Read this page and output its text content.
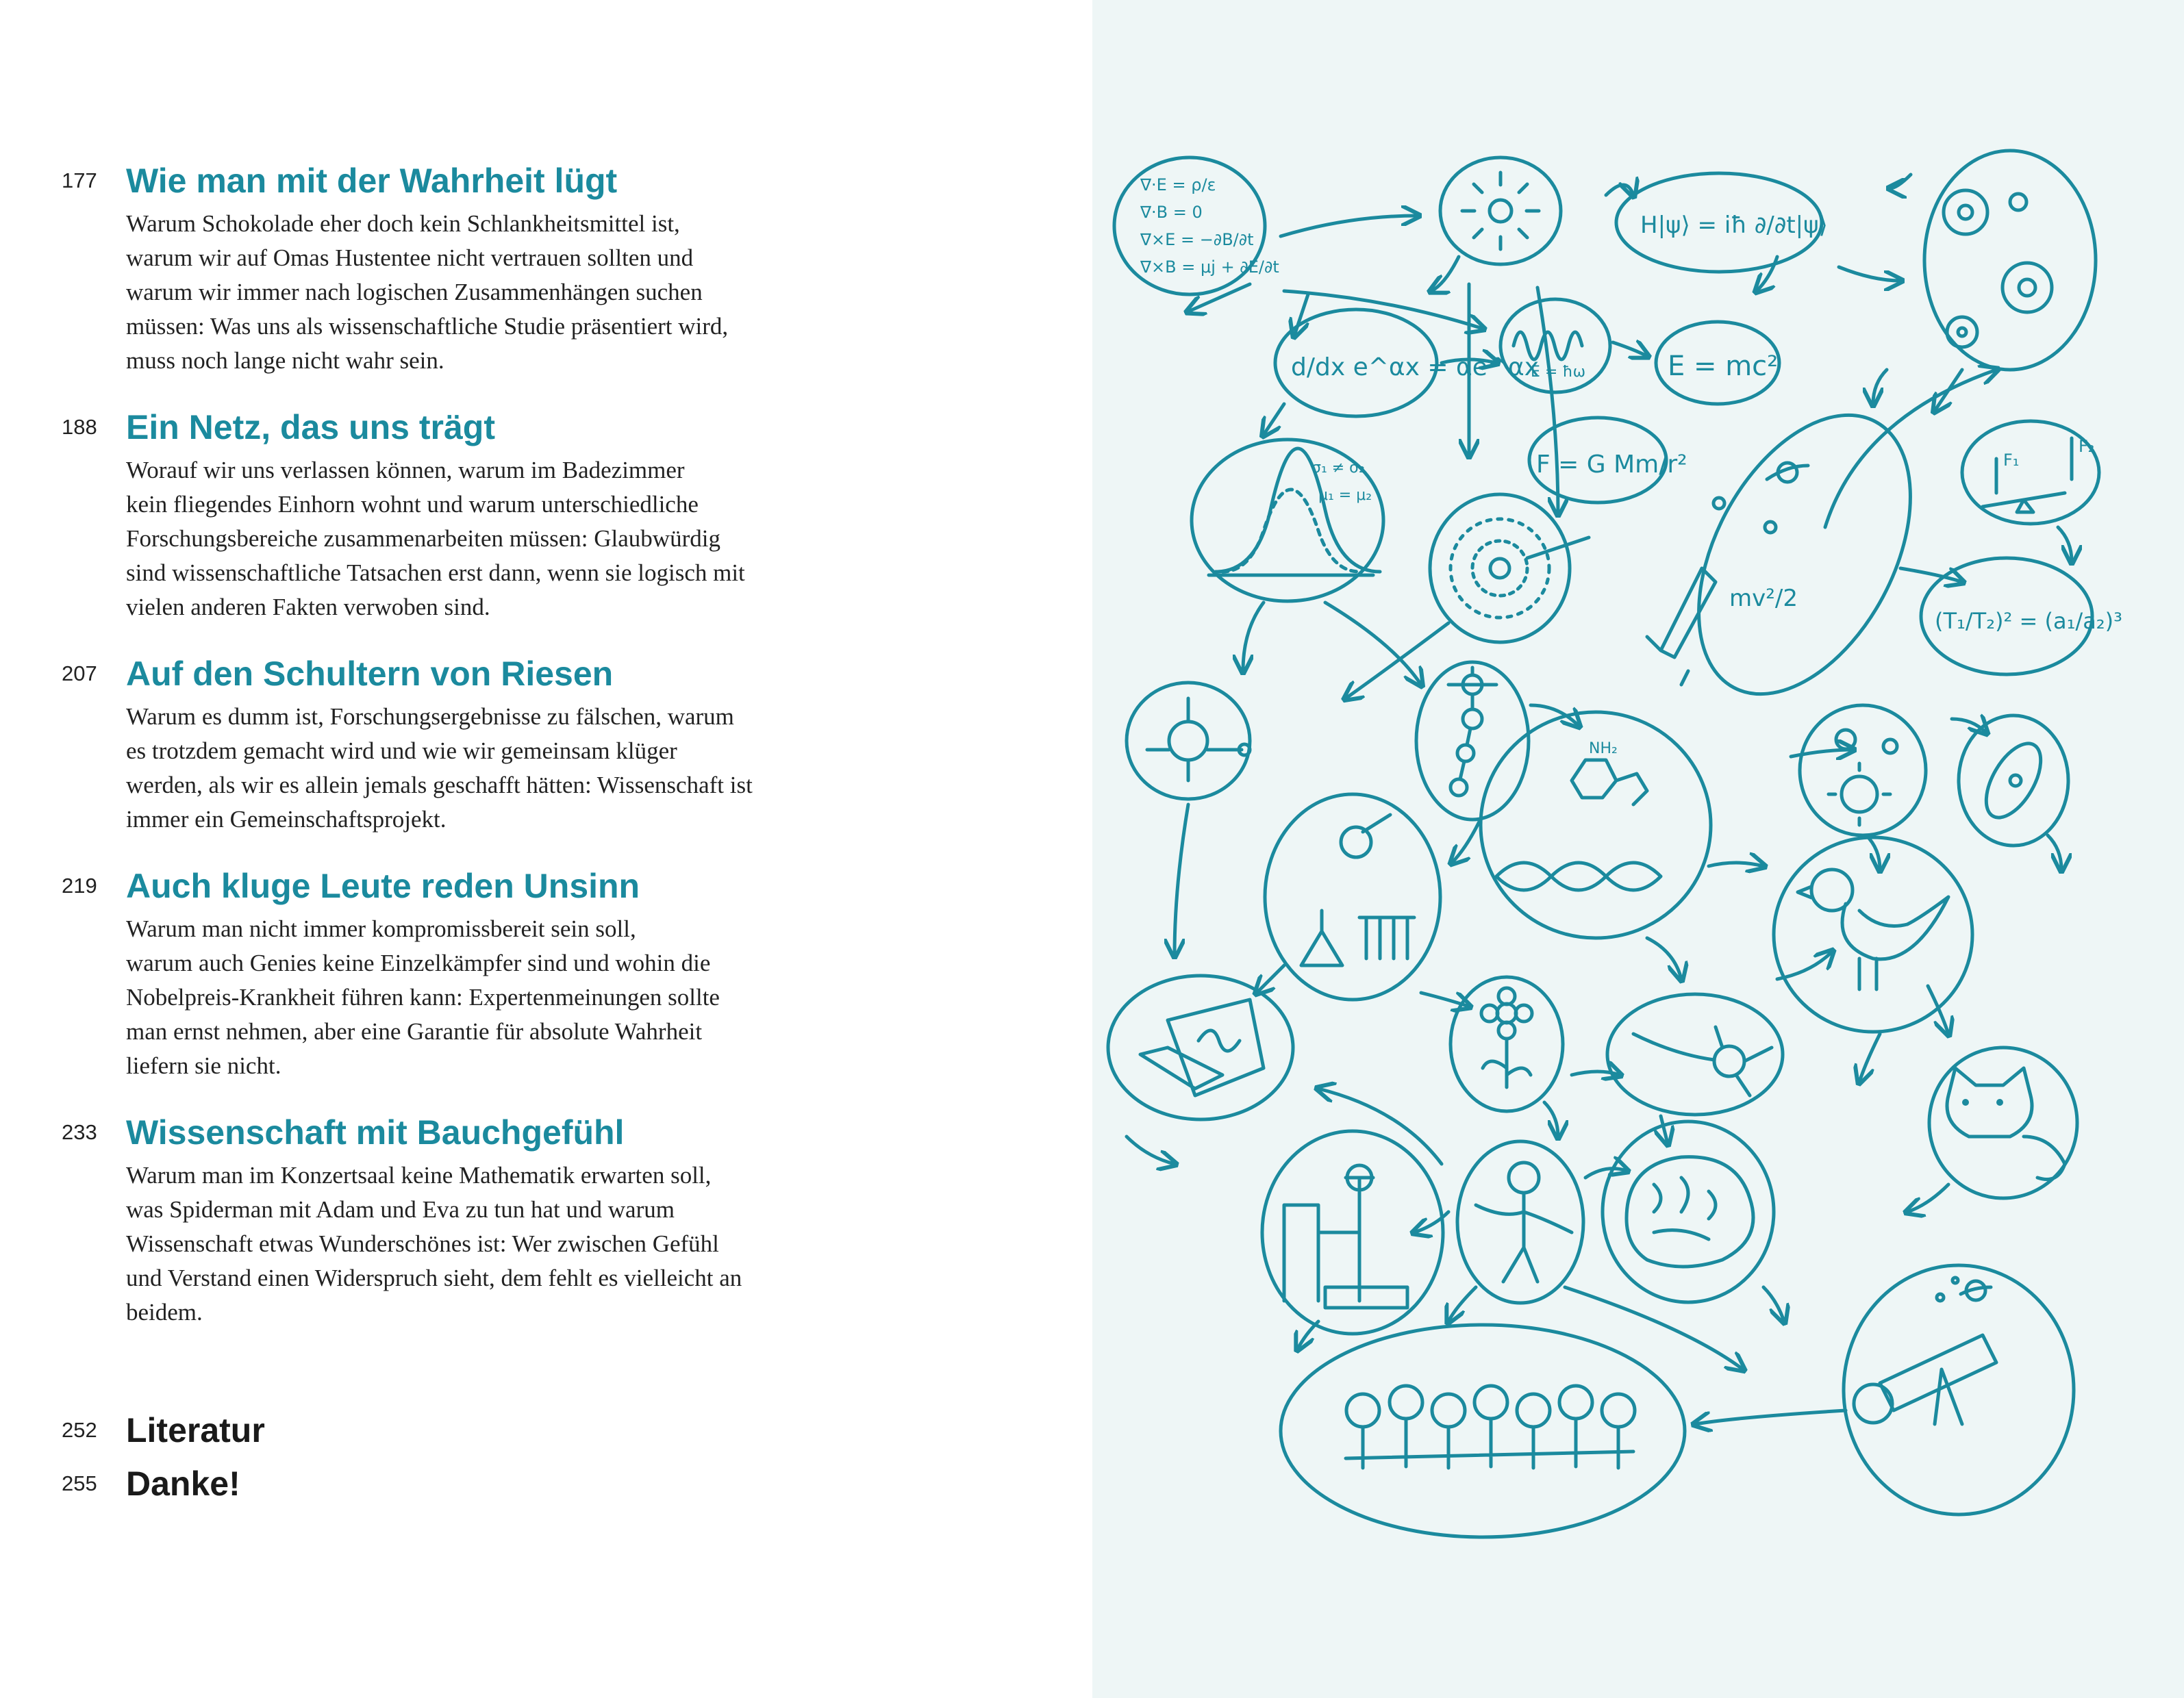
177 Wie man mit der Wahrheit lügt

Warum Schokolade eher doch kein Schlankheitsmittel ist,
warum wir auf Omas Hustentee nicht vertrauen sollten und
warum wir immer nach logischen Zusammenhängen suchen
müssen: Was uns als wissenschaftliche Studie präsentiert wird,
muss noch lange nicht wahr sein.

188 Ein Netz, das uns trägt

Worauf wir uns verlassen können, warum im Badezimmer
kein fliegendes Einhorn wohnt und warum unterschiedliche
Forschungsbereiche zusammenarbeiten müssen: Glaubwürdig
sind wissenschaftliche Tatsachen erst dann, wenn sie logisch mit
vielen anderen Fakten verwoben sind.

207 Auf den Schultern von Riesen

Warum es dumm ist, Forschungsergebnisse zu fälschen, warum
es trotzdem gemacht wird und wie wir gemeinsam klüger
werden, als wir es allein jemals geschafft hätten: Wissenschaft ist
immer ein Gemeinschaftsprojekt.

219 Auch kluge Leute reden Unsinn

Warum man nicht immer kompromissbereit sein soll,
warum auch Genies keine Einzelkämpfer sind und wohin die
Nobelpreis-Krankheit führen kann: Expertenmeinungen sollte
man ernst nehmen, aber eine Garantie für absolute Wahrheit
liefern sie nicht.

233 Wissenschaft mit Bauchgefühl

Warum man im Konzertsaal keine Mathematik erwarten soll,
was Spiderman mit Adam und Eva zu tun hat und warum
Wissenschaft etwas Wunderschönes ist: Wer zwischen Gefühl
und Verstand einen Widerspruch sieht, dem fehlt es vielleicht an
beidem.

252 Literatur
255 Danke!
∇·E = ρ/ε
∇·B = 0
∇×E = −∂B/∂t
∇×B = μj + ∂E/∂t
H|ψ⟩ = iħ ∂/∂t|ψ⟩
d/dx e^αx = αe^αx
E = ħω	E = mc²
σ₁ ≠ σ₂
μ₁ = μ₂
F = G Mm/r²
mv²/2
F₁
F₂
(T₁/T₂)² = (a₁/a₂)³
NH₂
